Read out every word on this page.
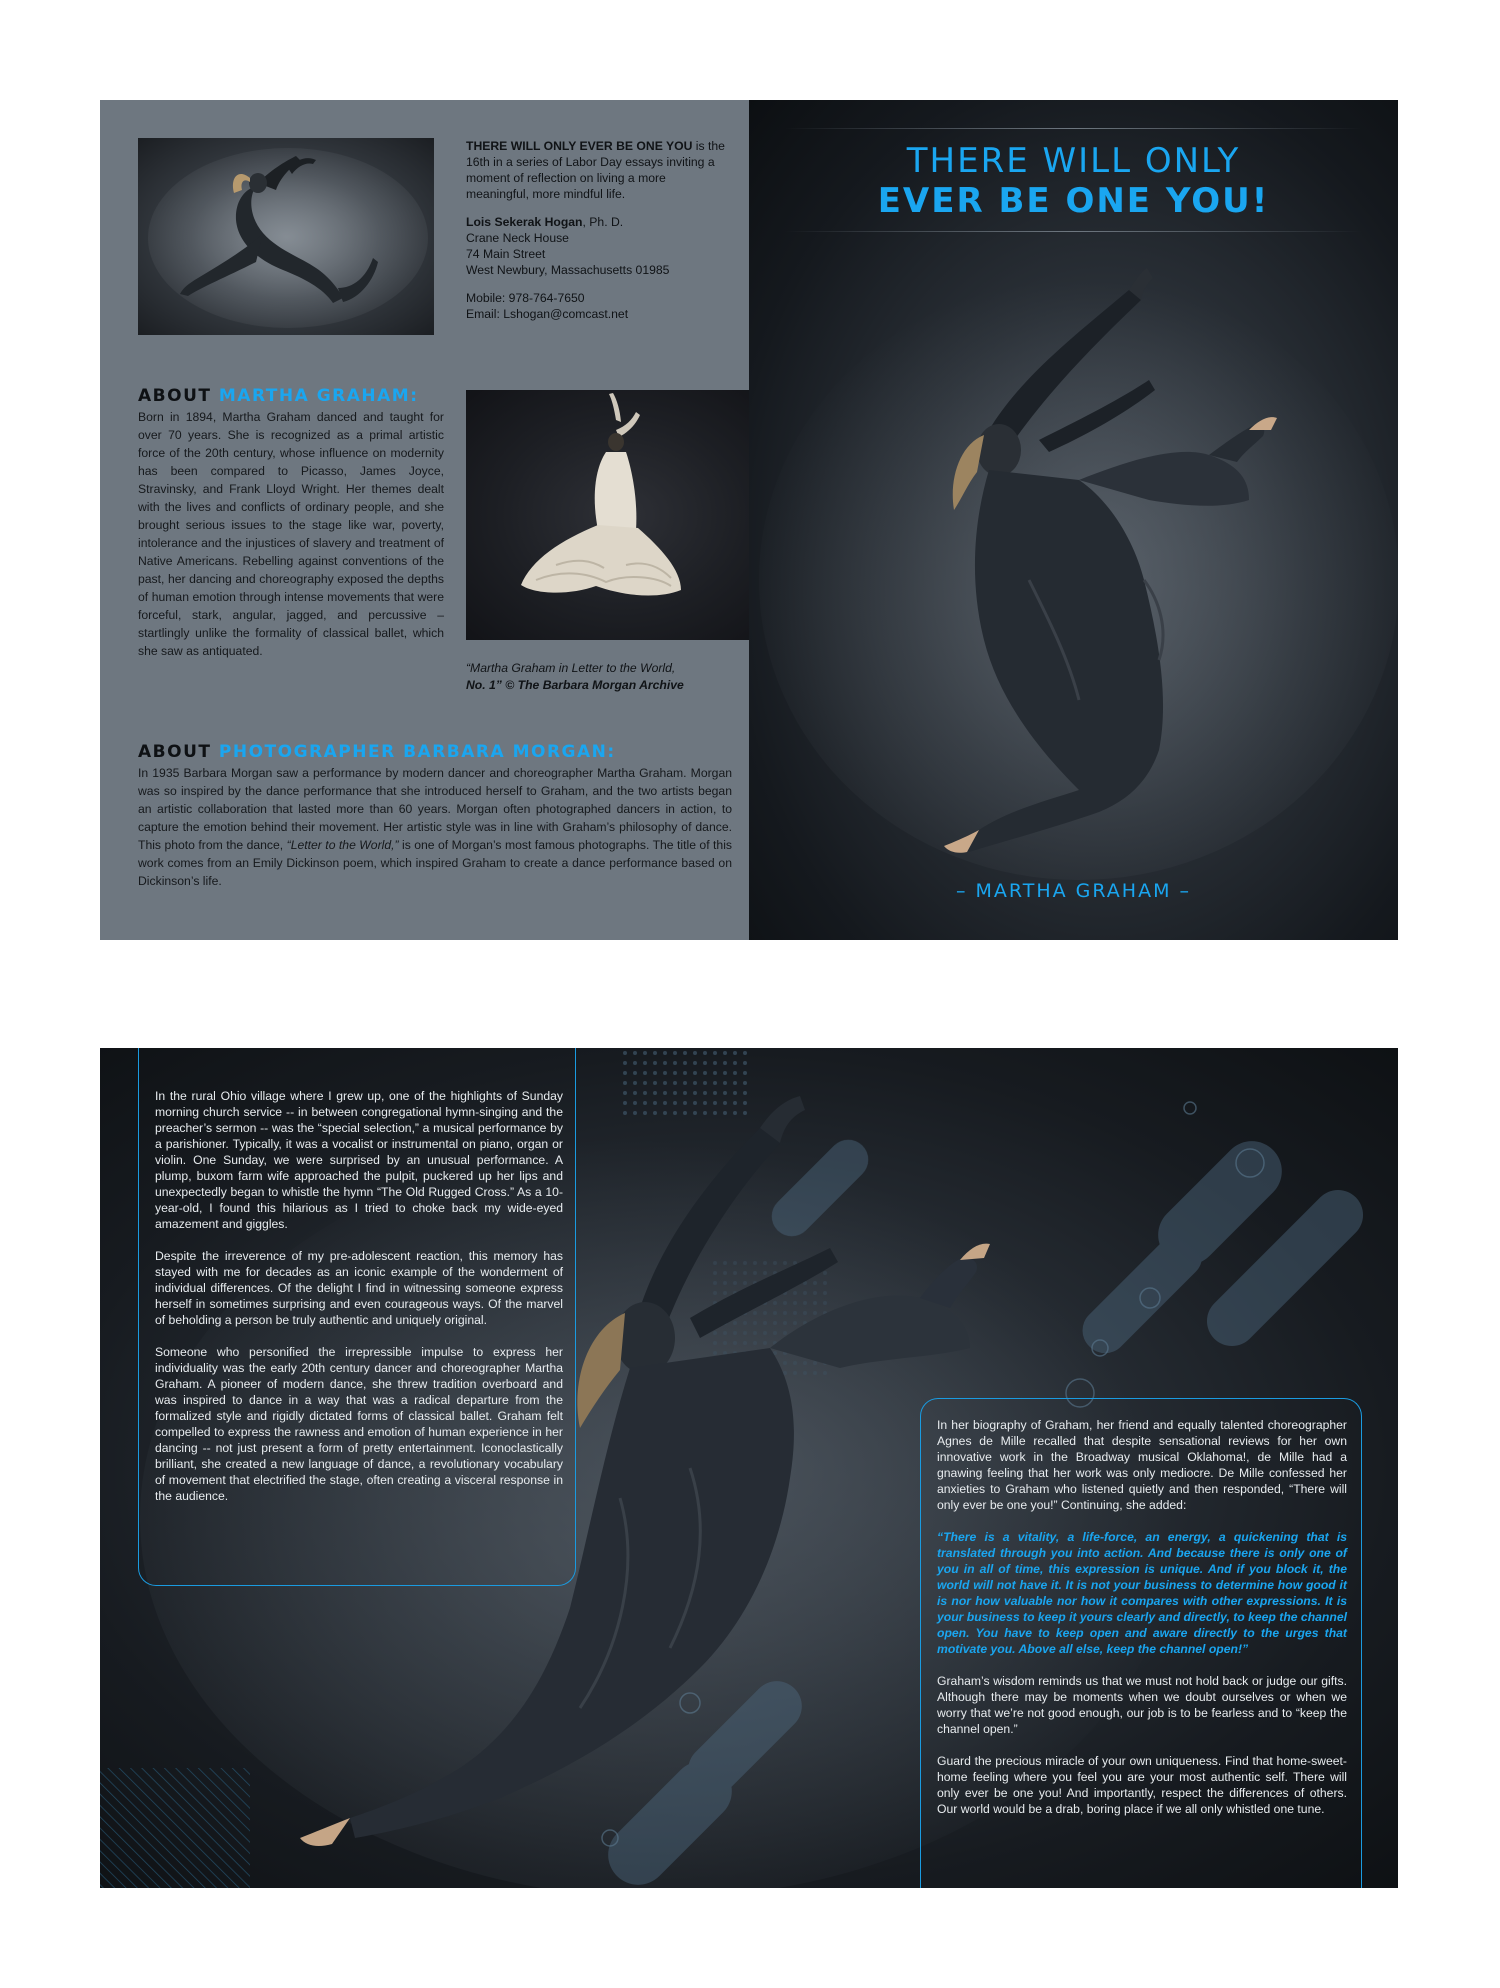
THERE WILL ONLY EVER BE ONE YOU is the 16th in a series of Labor Day essays inviting a moment of reflection on living a more meaningful, more mindful life.

Lois Sekerak Hogan, Ph. D.
Crane Neck House
74 Main Street
West Newbury, Massachusetts 01985

Mobile: 978-764-7650
Email: Lshogan@comcast.net

ABOUT MARTHA GRAHAM:
Born in 1894, Martha Graham danced and taught for over 70 years. She is recognized as a primal artistic force of the 20th century, whose influence on modernity has been compared to Picasso, James Joyce, Stravinsky, and Frank Lloyd Wright. Her themes dealt with the lives and conflicts of ordinary people, and she brought serious issues to the stage like war, poverty, intolerance and the injustices of slavery and treatment of Native Americans. Rebelling against conventions of the past, her dancing and choreography exposed the depths of human emotion through intense movements that were forceful, stark, angular, jagged, and percussive – startlingly unlike the formality of classical ballet, which she saw as antiquated.
“Martha Graham in Letter to the World,
No. 1” © The Barbara Morgan Archive
ABOUT PHOTOGRAPHER BARBARA MORGAN:
In 1935 Barbara Morgan saw a performance by modern dancer and choreographer Martha Graham. Morgan was so inspired by the dance performance that she introduced herself to Graham, and the two artists began an artistic collaboration that lasted more than 60 years. Morgan often photographed dancers in action, to capture the emotion behind their movement. Her artistic style was in line with Graham’s philosophy of dance. This photo from the dance, “Letter to the World,” is one of Morgan’s most famous photographs. The title of this work comes from an Emily Dickinson poem, which inspired Graham to create a dance performance based on Dickinson’s life.
THERE WILL ONLY
EVER BE ONE YOU!
– MARTHA GRAHAM –

In the rural Ohio village where I grew up, one of the highlights of Sunday morning church service -- in between congregational hymn-singing and the preacher’s sermon -- was the “special selection,” a musical performance by a parishioner. Typically, it was a vocalist or instrumental on piano, organ or violin. One Sunday, we were surprised by an unusual performance. A plump, buxom farm wife approached the pulpit, puckered up her lips and unexpectedly began to whistle the hymn “The Old Rugged Cross.” As a 10-year-old, I found this hilarious as I tried to choke back my wide-eyed amazement and giggles.

Despite the irreverence of my pre-adolescent reaction, this memory has stayed with me for decades as an iconic example of the wonderment of individual differences. Of the delight I find in witnessing someone express herself in sometimes surprising and even courageous ways. Of the marvel of beholding a person be truly authentic and uniquely original.

Someone who personified the irrepressible impulse to express her individuality was the early 20th century dancer and choreographer Martha Graham. A pioneer of modern dance, she threw tradition overboard and was inspired to dance in a way that was a radical departure from the formalized style and rigidly dictated forms of classical ballet. Graham felt compelled to express the rawness and emotion of human experience in her dancing -- not just present a form of pretty entertainment. Iconoclastically brilliant, she created a new language of dance, a revolutionary vocabulary of movement that electrified the stage, often creating a visceral response in the audience.

In her biography of Graham, her friend and equally talented choreographer Agnes de Mille recalled that despite sensational reviews for her own innovative work in the Broadway musical Oklahoma!, de Mille had a gnawing feeling that her work was only mediocre. De Mille confessed her anxieties to Graham who listened quietly and then responded, “There will only ever be one you!” Continuing, she added:

“There is a vitality, a life-force, an energy, a quickening that is translated through you into action. And because there is only one of you in all of time, this expression is unique. And if you block it, the world will not have it. It is not your business to determine how good it is nor how valuable nor how it compares with other expressions. It is your business to keep it yours clearly and directly, to keep the channel open. You have to keep open and aware directly to the urges that motivate you. Above all else, keep the channel open!”

Graham’s wisdom reminds us that we must not hold back or judge our gifts. Although there may be moments when we doubt ourselves or when we worry that we’re not good enough, our job is to be fearless and to “keep the channel open.”

Guard the precious miracle of your own uniqueness. Find that home-sweet-home feeling where you feel you are your most authentic self. There will only ever be one you! And importantly, respect the differences of others. Our world would be a drab, boring place if we all only whistled one tune.
